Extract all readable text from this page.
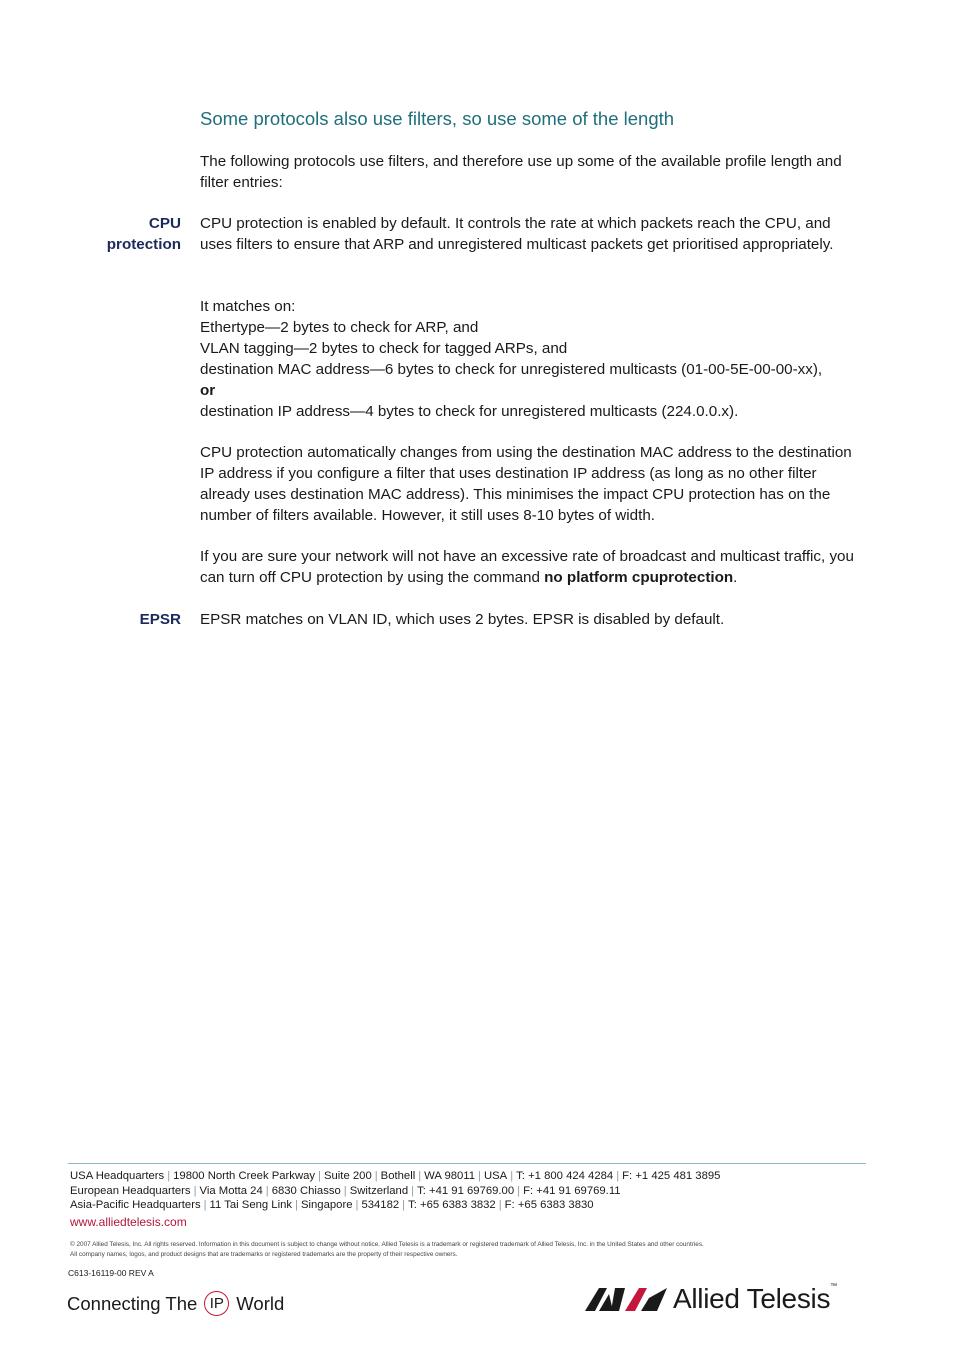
Some protocols also use filters, so use some of the length

The following protocols use filters, and therefore use up some of the available profile length and filter entries:

CPU
protection

CPU protection is enabled by default. It controls the rate at which packets reach the CPU, and uses filters to ensure that ARP and unregistered multicast packets get prioritised appropriately.

It matches on:
Ethertype—2 bytes to check for ARP, and
VLAN tagging—2 bytes to check for tagged ARPs, and
destination MAC address—6 bytes to check for unregistered multicasts (01-00-5E-00-00-xx),
or
destination IP address—4 bytes to check for unregistered multicasts (224.0.0.x).

CPU protection automatically changes from using the destination MAC address to the destination IP address if you configure a filter that uses destination IP address (as long as no other filter already uses destination MAC address). This minimises the impact CPU protection has on the number of filters available. However, it still uses 8-10 bytes of width.

If you are sure your network will not have an excessive rate of broadcast and multicast traffic, you can turn off CPU protection by using the command no platform cpuprotection.

EPSR EPSR matches on VLAN ID, which uses 2 bytes. EPSR is disabled by default.

USA Headquarters | 19800 North Creek Parkway | Suite 200 | Bothell | WA 98011 | USA | T: +1 800 424 4284 | F: +1 425 481 3895
European Headquarters | Via Motta 24 | 6830 Chiasso | Switzerland | T: +41 91 69769.00 | F: +41 91 69769.11
Asia-Pacific Headquarters | 11 Tai Seng Link | Singapore | 534182 | T: +65 6383 3832 | F: +65 6383 3830
www.alliedtelesis.com
© 2007 Allied Telesis, Inc. All rights reserved. Information in this document is subject to change without notice. Allied Telesis is a trademark or registered trademark of Allied Telesis, Inc. in the United States and other countries.
All company names, logos, and product designs that are trademarks or registered trademarks are the property of their respective owners.
C613-16119-00 REV A
Connecting The IP World	Allied Telesis™
